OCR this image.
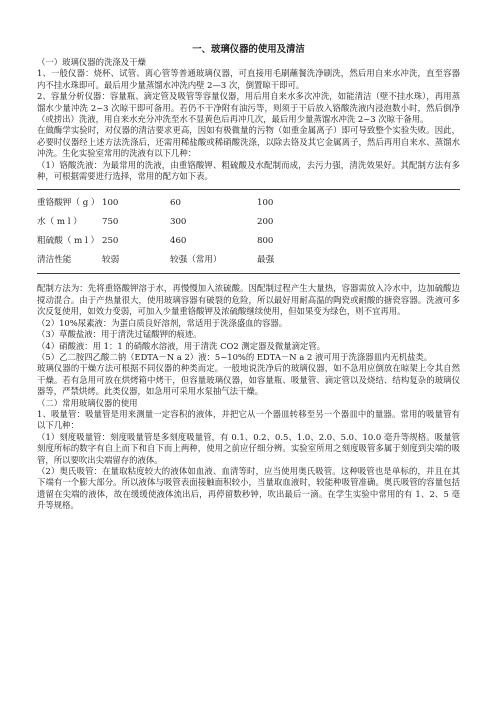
一、玻璃仪器的使用及清洁

（一）玻璃仪器的洗涤及干燥

1、一般仪器：烧杯、试管、离心管等普通玻璃仪器，可直接用毛刷蘸餐洗净刷洗，然后用自来水冲洗，直至容器内不挂水珠即可。最后用少量蒸馏水冲洗内壁 2—3 次，倒置晾干即可。

2、容量分析仪器：容量瓶、滴定管及吸管等容量仪器，用后用自来水多次冲洗，如能清洁（壁不挂水珠），再用蒸馏水少量冲洗 2~3 次晾干即可备用。若仍不干净附有油污等，则须于干后放入铬酸洗液内浸泡数小时，然后倒净（或捞出）洗液，用自来水充分冲洗至水不显黄色后再冲几次，最后用少量蒸馏水冲洗 2~3 次晾干备用。

在做酶学实验时，对仪器的清洁要求更高，因如有极微量的污物（如重金属离子）即可导致整个实验失败。因此，必要时仪器经上述方法洗涤后，还需用稀盐酸或稀硝酸洗涤，以除去铬及其它金属离子，然后再用自来水、蒸馏水冲洗。生化实验室常用的洗液有以下几种：

（1）铬酸洗液：为最常用的洗液，由重铬酸钾、粗硫酸及水配制而成，去污力强，清洗效果好。其配制方法有多种，可根据需要进行选择，常用的配方如下表。

重铬酸钾（ g ） 100	60	100
水（ m l ）	750	300	200
粗硫酸（ m l ） 250	460	800
清洁性能	较弱	较强（常用）	最强

配制方法为：先将重铬酸钾溶于水，再慢慢加入浓硫酸。因配制过程产生大量热，容器需放入冷水中，边加硫酸边搅动混合。由于产热量很大，使用玻璃容器有破裂的危险，所以最好用耐高温的陶瓷或耐酸的搪瓷容器。洗液可多次反复使用，如效力变弱，可加入少量重铬酸钾及浓硫酸继续使用，但如果变为绿色，则不宜再用。

（2）10%尿素液：为蛋白质良好溶剂，常适用于洗涤盛血的容器。

（3）草酸盐液：用于清洗过锰酸钾的痕迹。

（4）硝酸液：用 1：1 的硝酸水溶液，用于清洗 CO2 测定器及微量滴定管。

（5）乙二胺四乙酸二钠（EDTA－N a 2）液：5~10%的 EDTA－N a 2 液可用于洗涤器皿内无机盐类。

玻璃仪器的干燥方法可根据不同仪器的种类而定。一般地说洗净后的玻璃仪器，如不急用应倒放在晾架上令其自然干燥。若有急用可放在烘烤箱中烤干，但容量玻璃仪器，如容量瓶、吸量管、滴定管以及烧结、结构复杂的玻璃仪器等，严禁烘烤。此类仪器，如急用可采用水泵抽气法干燥。

（二）常用玻璃仪器的使用

1、吸量管：吸量管是用来测量一定容积的液体，并把它从一个器皿转移至另一个器皿中的量器。常用的吸量管有以下几种：

（1）刻度吸量管：刻度吸量管是多刻度吸量管，有 0.1、0.2、0.5、1.0、2.0、5.0、10.0 毫升等规格。吸量管刻度所标的数字有自上而下和自下而上两种，使用之前应仔细分辨。实验室所用之刻度吸管多属于刻度到尖端的吸管，所以要吹出尖端留存的液体。

（2）奥氏吸管：在量取粘度较大的液体如血液、血清等时，应当使用奥氏吸管。这种吸管也是单标的，并且在其下端有一个膨大部分。所以液体与吸管表面接触面积较小，当量取血液时，较能种吸管准确。奥氏吸管的容量包括遗留在尖端的液体，故在缓缓使液体流出后，再停留数秒钟，吹出最后一滴。在学生实验中常用的有 1、2、5 毫升等规格。
